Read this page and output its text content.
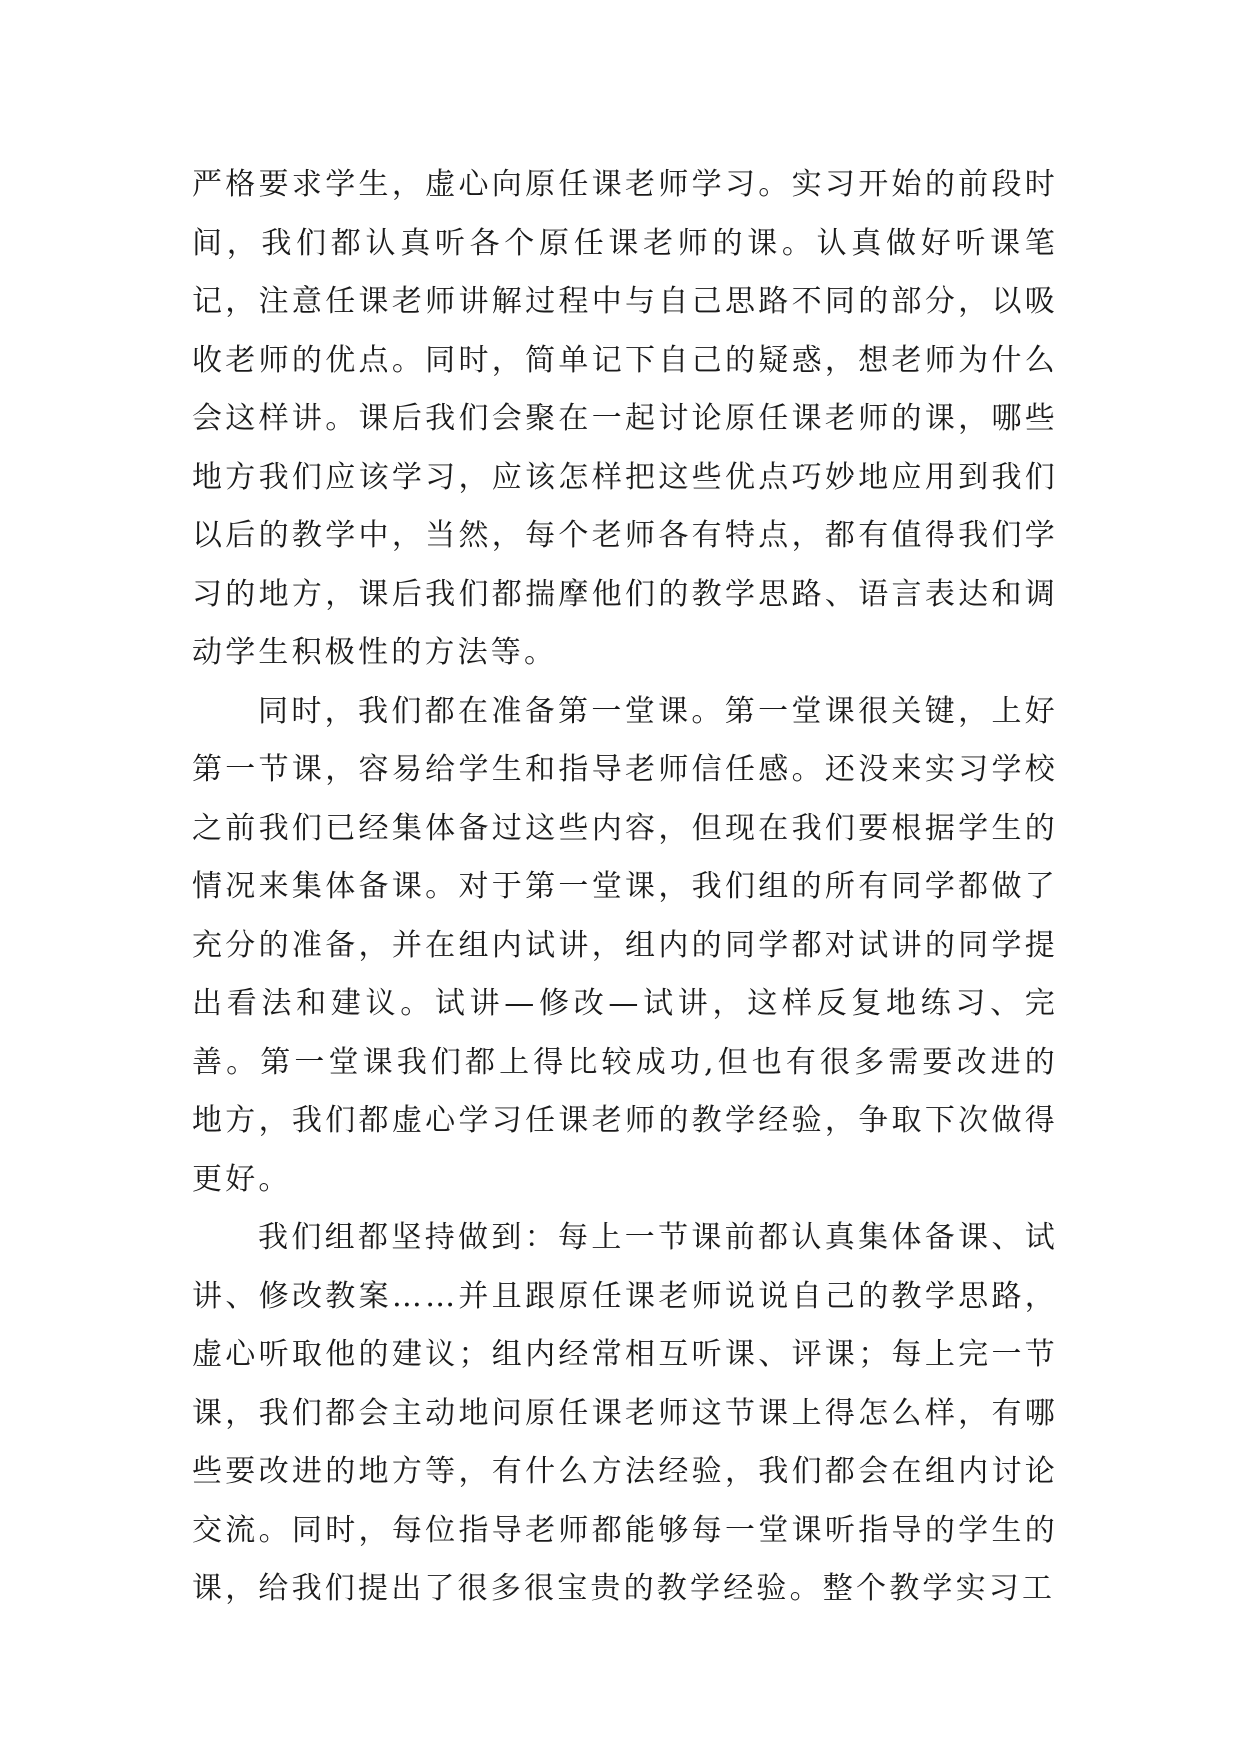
严格要求学生，虚心向原任课老师学习。实习开始的前段时间，我们都认真听各个原任课老师的课。认真做好听课笔记，注意任课老师讲解过程中与自己思路不同的部分，以吸收老师的优点。同时，简单记下自己的疑惑，想老师为什么会这样讲。课后我们会聚在一起讨论原任课老师的课，哪些地方我们应该学习，应该怎样把这些优点巧妙地应用到我们以后的教学中，当然，每个老师各有特点，都有值得我们学习的地方，课后我们都揣摩他们的教学思路、语言表达和调动学生积极性的方法等。

同时，我们都在准备第一堂课。第一堂课很关键，上好第一节课，容易给学生和指导老师信任感。还没来实习学校之前我们已经集体备过这些内容，但现在我们要根据学生的情况来集体备课。对于第一堂课，我们组的所有同学都做了充分的准备，并在组内试讲，组内的同学都对试讲的同学提出看法和建议。试讲—修改—试讲，这样反复地练习、完善。第一堂课我们都上得比较成功,但也有很多需要改进的地方，我们都虚心学习任课老师的教学经验，争取下次做得更好。

我们组都坚持做到：每上一节课前都认真集体备课、试讲、修改教案……并且跟原任课老师说说自己的教学思路，虚心听取他的建议；组内经常相互听课、评课；每上完一节课，我们都会主动地问原任课老师这节课上得怎么样，有哪些要改进的地方等，有什么方法经验，我们都会在组内讨论交流。同时，每位指导老师都能够每一堂课听指导的学生的课，给我们提出了很多很宝贵的教学经验。整个教学实习工
